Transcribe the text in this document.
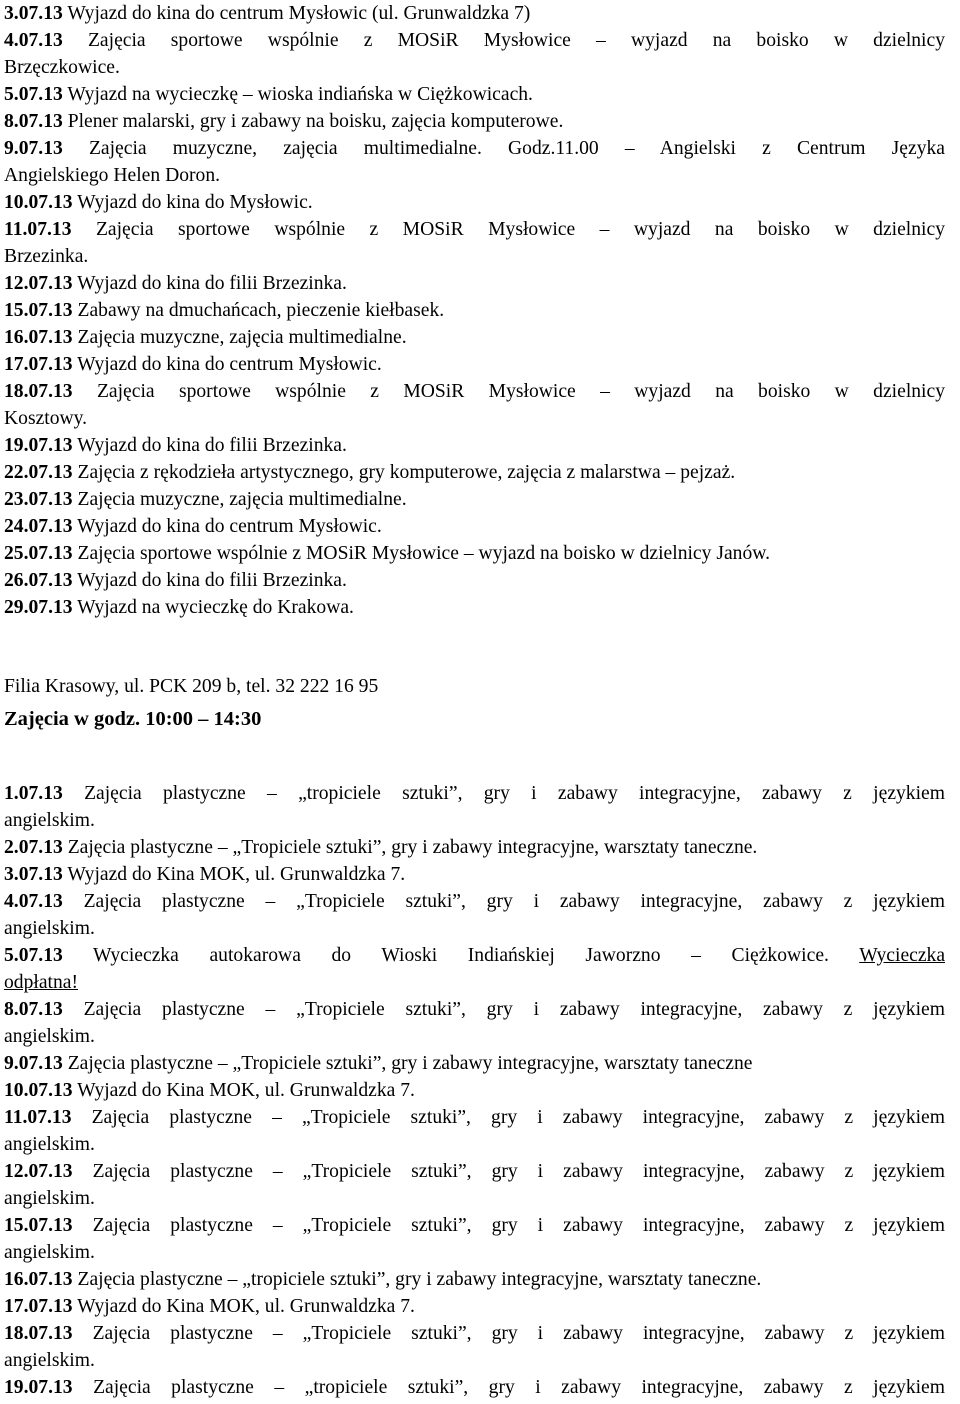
3.07.13 Wyjazd do kina do centrum Mysłowic (ul. Grunwaldzka 7)
4.07.13 Zajęcia sportowe wspólnie z MOSiR Mysłowice – wyjazd na boisko w dzielnicy
Brzęczkowice.
5.07.13 Wyjazd na wycieczkę – wioska indiańska w Ciężkowicach.
8.07.13 Plener malarski, gry i zabawy na boisku, zajęcia komputerowe.
9.07.13 Zajęcia muzyczne, zajęcia multimedialne. Godz.11.00 – Angielski z Centrum Języka
Angielskiego Helen Doron.
10.07.13 Wyjazd do kina do Mysłowic.
11.07.13 Zajęcia sportowe wspólnie z MOSiR Mysłowice – wyjazd na boisko w dzielnicy
Brzezinka.
12.07.13 Wyjazd do kina do filii Brzezinka.
15.07.13 Zabawy na dmuchańcach, pieczenie kiełbasek.
16.07.13 Zajęcia muzyczne, zajęcia multimedialne.
17.07.13 Wyjazd do kina do centrum Mysłowic.
18.07.13 Zajęcia sportowe wspólnie z MOSiR Mysłowice – wyjazd na boisko w dzielnicy
Kosztowy.
19.07.13 Wyjazd do kina do filii Brzezinka.
22.07.13 Zajęcia z rękodzieła artystycznego, gry komputerowe, zajęcia z malarstwa – pejzaż.
23.07.13 Zajęcia muzyczne, zajęcia multimedialne.
24.07.13 Wyjazd do kina do centrum Mysłowic.
25.07.13 Zajęcia sportowe wspólnie z MOSiR Mysłowice – wyjazd na boisko w dzielnicy Janów.
26.07.13 Wyjazd do kina do filii Brzezinka.
29.07.13 Wyjazd na wycieczkę do Krakowa.
Filia Krasowy, ul. PCK 209 b, tel. 32 222 16 95
Zajęcia w godz. 10:00 – 14:30
1.07.13 Zajęcia plastyczne – „tropiciele sztuki”, gry i zabawy integracyjne, zabawy z językiem
angielskim.
2.07.13 Zajęcia plastyczne – „Tropiciele sztuki”, gry i zabawy integracyjne, warsztaty taneczne.
3.07.13 Wyjazd do Kina MOK, ul. Grunwaldzka 7.
4.07.13 Zajęcia plastyczne – „Tropiciele sztuki”, gry i zabawy integracyjne, zabawy z językiem
angielskim.
5.07.13 Wycieczka autokarowa do Wioski Indiańskiej Jaworzno – Ciężkowice. Wycieczka
odpłatna!
8.07.13 Zajęcia plastyczne – „Tropiciele sztuki”, gry i zabawy integracyjne, zabawy z językiem
angielskim.
9.07.13 Zajęcia plastyczne – „Tropiciele sztuki”, gry i zabawy integracyjne, warsztaty taneczne
10.07.13 Wyjazd do Kina MOK, ul. Grunwaldzka 7.
11.07.13 Zajęcia plastyczne – „Tropiciele sztuki”, gry i zabawy integracyjne, zabawy z językiem
angielskim.
12.07.13 Zajęcia plastyczne – „Tropiciele sztuki”, gry i zabawy integracyjne, zabawy z językiem
angielskim.
15.07.13 Zajęcia plastyczne – „Tropiciele sztuki”, gry i zabawy integracyjne, zabawy z językiem
angielskim.
16.07.13 Zajęcia plastyczne – „tropiciele sztuki”, gry i zabawy integracyjne, warsztaty taneczne.
17.07.13 Wyjazd do Kina MOK, ul. Grunwaldzka 7.
18.07.13 Zajęcia plastyczne – „Tropiciele sztuki”, gry i zabawy integracyjne, zabawy z językiem
angielskim.
19.07.13 Zajęcia plastyczne – „tropiciele sztuki”, gry i zabawy integracyjne, zabawy z językiem
